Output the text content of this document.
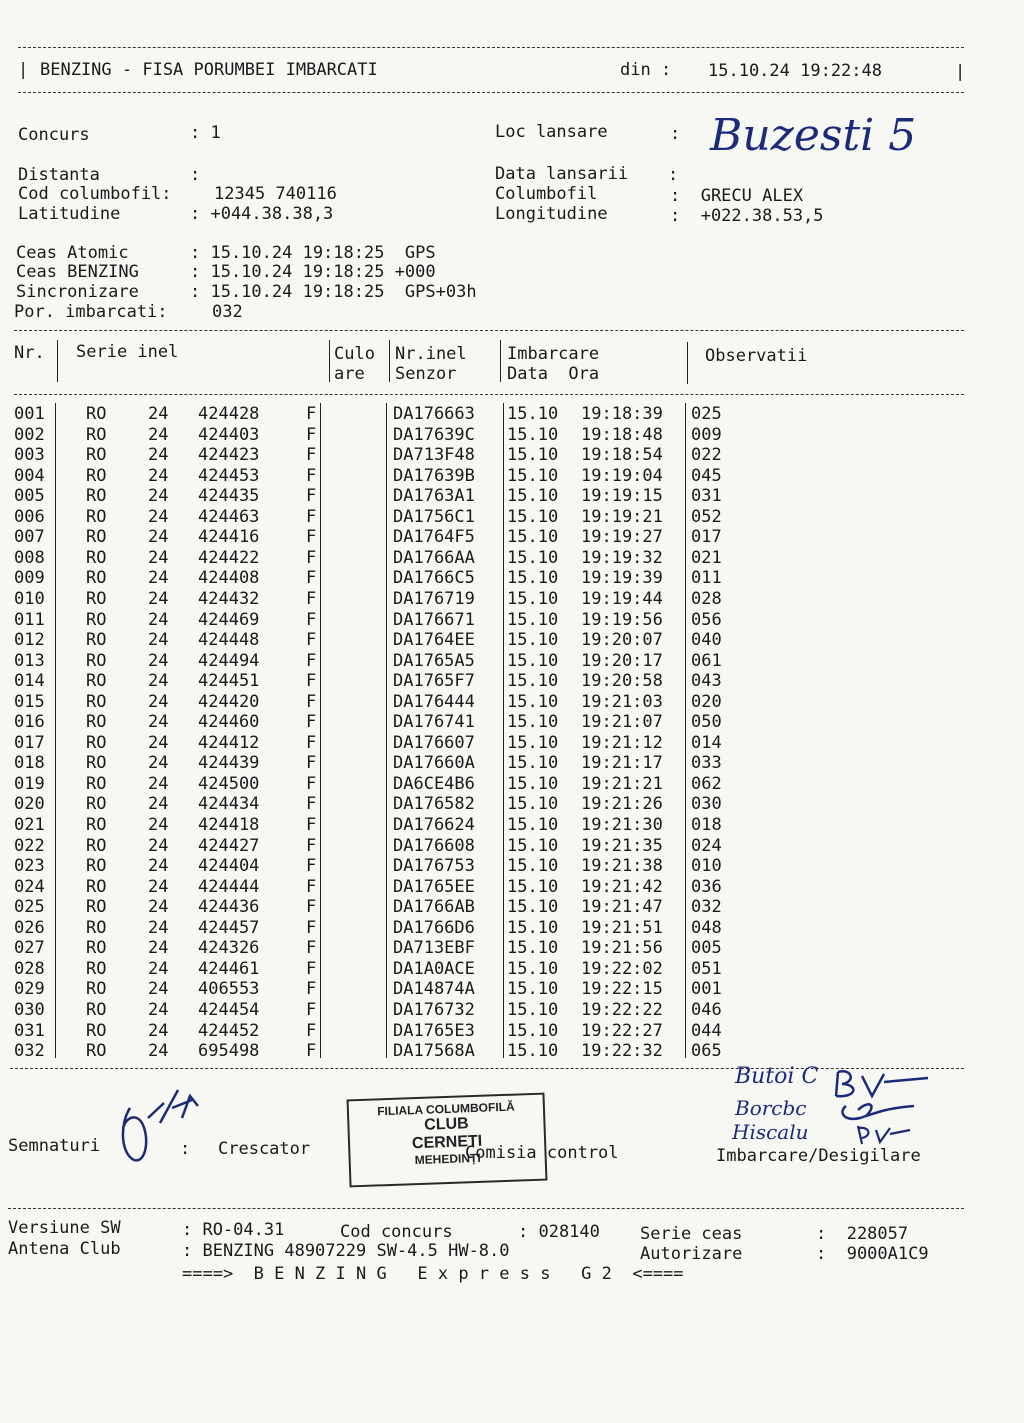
| BENZING - FISA PORUMBEI IMBARCATI	din : 15.10.24 19:22:48	|
Concurs	: 1	Loc lansare	: Buzesti 5
Distanta	:	Data lansarii :
Cod columbofil: 12345 740116	Columbofil	:  GRECU ALEX
Latitudine	: +044.38.38,3	Longitudine	:  +022.38.53,5
Ceas Atomic	: 15.10.24 19:18:25  GPS
Ceas BENZING	: 15.10.24 19:18:25 +000
Sincronizare	: 15.10.24 19:18:25  GPS+03h
Por. imbarcati:	032
Nr. Serie inel	Culo
are
Nr.inel
Senzor
Imbarcare
Data  Ora
Observatii
001 RO 24 424428	F	DA176663 15.10 19:18:39 025
002 RO 24 424403	F	DA17639C 15.10 19:18:48 009
003 RO 24 424423	F	DA713F48 15.10 19:18:54 022
004 RO 24 424453	F	DA17639B 15.10 19:19:04 045
005 RO 24 424435	F	DA1763A1 15.10 19:19:15 031
006 RO 24 424463	F	DA1756C1 15.10 19:19:21 052
007 RO 24 424416	F	DA1764F5 15.10 19:19:27 017
008 RO 24 424422	F	DA1766AA 15.10 19:19:32 021
009 RO 24 424408	F	DA1766C5 15.10 19:19:39 011
010 RO 24 424432	F	DA176719 15.10 19:19:44 028
011 RO 24 424469	F	DA176671 15.10 19:19:56 056
012 RO 24 424448	F	DA1764EE 15.10 19:20:07 040
013 RO 24 424494	F	DA1765A5 15.10 19:20:17 061
014 RO 24 424451	F	DA1765F7 15.10 19:20:58 043
015 RO 24 424420	F	DA176444 15.10 19:21:03 020
016 RO 24 424460	F	DA176741 15.10 19:21:07 050
017 RO 24 424412	F	DA176607 15.10 19:21:12 014
018 RO 24 424439	F	DA17660A 15.10 19:21:17 033
019 RO 24 424500	F	DA6CE4B6 15.10 19:21:21 062
020 RO 24 424434	F	DA176582 15.10 19:21:26 030
021 RO 24 424418	F	DA176624 15.10 19:21:30 018
022 RO 24 424427	F	DA176608 15.10 19:21:35 024
023 RO 24 424404	F	DA176753 15.10 19:21:38 010
024 RO 24 424444	F	DA1765EE 15.10 19:21:42 036
025 RO 24 424436	F	DA1766AB 15.10 19:21:47 032
026 RO 24 424457	F	DA1766D6 15.10 19:21:51 048
027 RO 24 424326	F	DA713EBF 15.10 19:21:56 005
028 RO 24 424461	F	DA1A0ACE 15.10 19:22:02 051
029 RO 24 406553	F	DA14874A 15.10 19:22:15 001
030 RO 24 424454	F	DA176732 15.10 19:22:22 046
031 RO 24 424452	F	DA1765E3 15.10 19:22:27 044
032 RO 24 695498	F	DA17568A 15.10 19:22:32 065
Semnaturi	: Crescator	Comisia control	Imbarcare/Desigilare
FILIALA COLUMBOFILĂ
CLUB
CERNETI
MEHEDINȚI
Butoi C
Borcbc
Hiscalu
Versiune SW	: RO-04.31	Cod concurs	: 028140 Serie ceas	:  228057
Antena Club	: BENZING 48907229 SW-4.5 HW-8.0	Autorizare	:  9000A1C9
====>  B E N Z I N G   E x p r e s s   G 2  <====
